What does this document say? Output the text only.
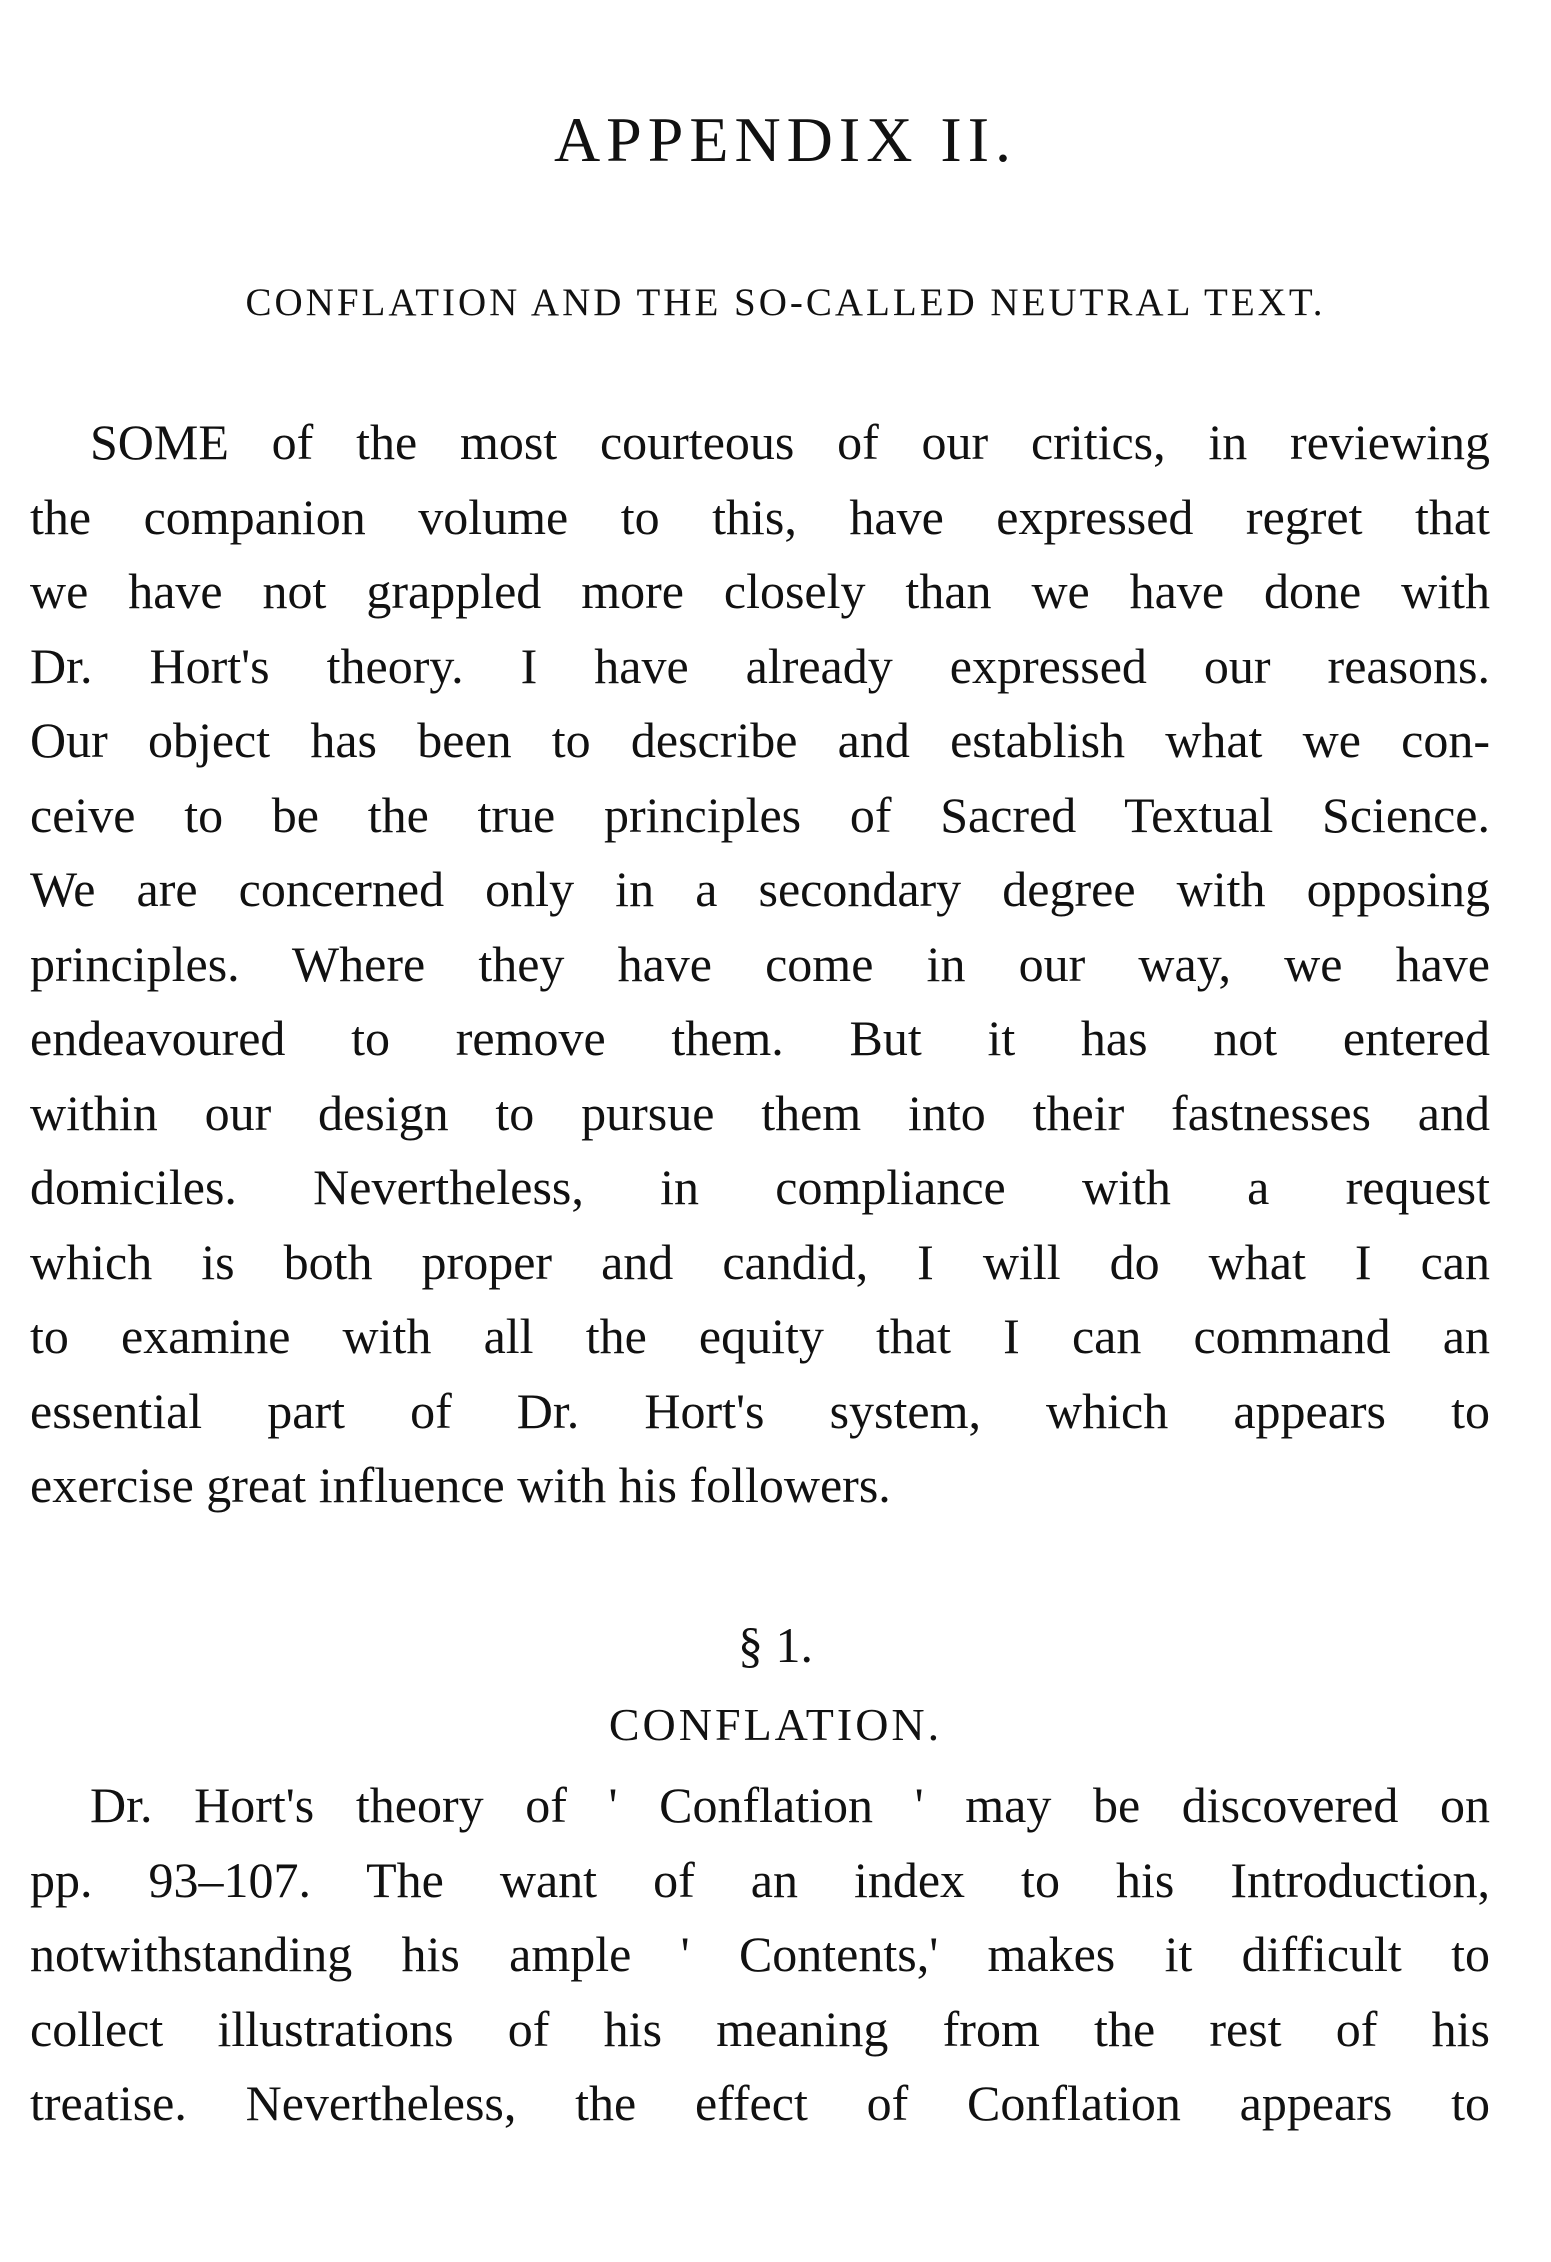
APPENDIX II.
CONFLATION AND THE SO-CALLED NEUTRAL TEXT.
SOME of the most courteous of our critics, in reviewing
the companion volume to this, have expressed regret that
we have not grappled more closely than we have done with
Dr. Hort's theory. I have already expressed our reasons.
Our object has been to describe and establish what we con-
ceive to be the true principles of Sacred Textual Science.
We are concerned only in a secondary degree with opposing
principles. Where they have come in our way, we have
endeavoured to remove them. But it has not entered
within our design to pursue them into their fastnesses and
domiciles. Nevertheless, in compliance with a request
which is both proper and candid, I will do what I can
to examine with all the equity that I can command an
essential part of Dr. Hort's system, which appears to
exercise great influence with his followers.
§ 1.
CONFLATION.
Dr. Hort's theory of ' Conflation ' may be discovered on
pp. 93–107. The want of an index to his Introduction,
notwithstanding his ample ' Contents,' makes it difficult to
collect illustrations of his meaning from the rest of his
treatise. Nevertheless, the effect of Conflation appears to
